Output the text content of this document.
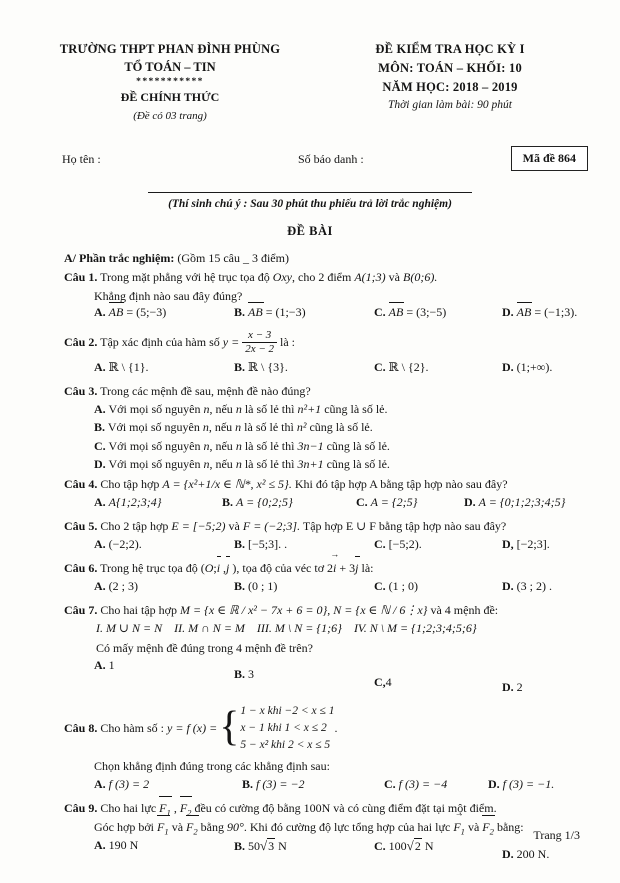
TRƯỜNG THPT PHAN ĐÌNH PHÙNG
TỔ TOÁN – TIN
***********
ĐỀ CHÍNH THỨC
(Đề có 03 trang)
ĐỀ KIỂM TRA HỌC KỲ I
MÔN: TOÁN – KHỐI: 10
NĂM HỌC: 2018 – 2019
Thời gian làm bài: 90 phút
Họ tên :	Số báo danh :	Mã đề 864
(Thí sinh chú ý : Sau 30 phút thu phiếu trả lời trắc nghiệm)
ĐỀ BÀI
A/ Phần trắc nghiệm: (Gồm 15 câu _ 3 điểm)
Câu 1. Trong mặt phẳng với hệ trục tọa độ Oxy, cho 2 điểm A(1;3) và B(0;6).
Khẳng định nào sau đây đúng?
A. AB = (5;−3)	B. AB = (1;−3)	C. AB = (3;−5)	D. AB = (−1;3).
Câu 2. Tập xác định của hàm số $y = \frac{x - 3}{2x - 2}$ là :
A. ℝ \ {1}.	B. ℝ \ {3}.	C. ℝ \ {2}.	D. (1;+∞).
Câu 3. Trong các mệnh đề sau, mệnh đề nào đúng?
A. Với mọi số nguyên n, nếu n là số lẻ thì n²+1 cũng là số lẻ.
B. Với mọi số nguyên n, nếu n là số lẻ thì n² cũng là số lẻ.
C. Với mọi số nguyên n, nếu n là số lẻ thì 3n−1 cũng là số lẻ.
D. Với mọi số nguyên n, nếu n là số lẻ thì 3n+1 cũng là số lẻ.
Câu 4. Cho tập hợp A = {x²+1/x ∈ ℕ*, x² ≤ 5}. Khi đó tập hợp A bằng tập hợp nào sau đây?
A. A{1;2;3;4}	B. A = {0;2;5}	C. A = {2;5}	D. A = {0;1;2;3;4;5}
Câu 5. Cho 2 tập hợp E = [−5;2) và F = (−2;3]. Tập hợp E ∪ F bằng tập hợp nào sau đây?
A. (−2;2).	B. [−5;3]. .	C. [−5;2).	D, [−2;3].
Câu 6. Trong hệ trục tọa độ (O;i ,j ), tọa độ của véc tơ 2i → + 3j là:
A. (2 ; 3)	B. (0 ; 1)	C. (1 ; 0)	D. (3 ; 2) .
Câu 7. Cho hai tập hợp M = {x ∈ ℝ / x² − 7x + 6 = 0}, N = {x ∈ ℕ / 6⋮x} và 4 mệnh đề:
I. M ∪ N = N II. M ∩ N = M III. M \ N = {1;6} IV. N \ M = {1;2;3;4;5;6}
Có mấy mệnh đề đúng trong 4 mệnh đề trên?
A. 1
B. 3
C,4	D. 2
Câu 8.
Cho hàm số :
y = f (x) = { 1 − x khi −2 < x ≤ 1
x − 1 khi 1 < x ≤ 2
5 − x² khi 2 < x ≤ 5
.
Chọn khẳng định đúng trong các khẳng định sau:
A. f (3) = 2	B. f (3) = −2	C. f (3) = −4	D. f (3) = −1.
Câu 9. Cho hai lực $F_1$ , $F_2$ đều có cường độ bằng 100N và có cùng điểm đặt tại một điểm.
Góc hợp bởi $F_1$ và $F_2$ bằng 90°. Khi đó cường độ lực tổng hợp của hai lực $F_1$ → và $F_2$ bằng:
A. 190 N	B. 50√3 N	C. 100√2 N
D. 200 N.
Trang 1/3
